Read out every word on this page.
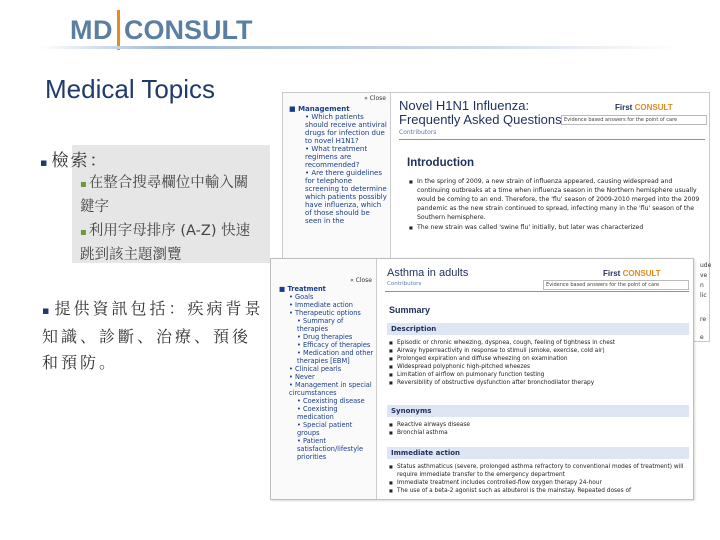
MD CONSULT
Medical Topics
▪ 檢索：
▪ 在整合搜尋欄位中輸入關鍵字
▪ 利用字母排序 (A-Z) 快速跳到該主題瀏覽
▪ 提供資訊包括：疾病背景知識、診斷、治療、預後和預防。
« Close
■ Management
• Which patients should receive antiviral drugs for infection due to novel H1N1?
• What treatment regimens are recommended?
• Are there guidelines for telephone screening to determine which patients possibly have influenza, which of those should be seen in the
Novel H1N1 Influenza: Frequently Asked Questions
Contributors
First CONSULT
Evidence based answers for the point of care
Introduction

■ In the spring of 2009, a new strain of influenza appeared, causing widespread and continuing outbreaks at a time when influenza season in the Northern hemisphere usually would be coming to an end. Therefore, the 'flu' season of 2009-2010 merged into the 2009 pandemic as the new strain continued to spread, infecting many in the 'flu' season of the Southern hemisphere.

■ The new strain was called 'swine flu' initially, but later was characterized

« Close
■ Treatment
• Goals
• Immediate action
• Therapeutic options
• Summary of therapies
• Drug therapies
• Efficacy of therapies
• Medication and other therapies [EBM]
• Clinical pearls
• Never
• Management in special circumstances
• Coexisting disease
• Coexisting medication
• Special patient groups
• Patient satisfaction/lifestyle priorities
Asthma in adults
Contributors
First CONSULT
Evidence based answers for the point of care
Summary
Description

■ Episodic or chronic wheezing, dyspnea, cough, feeling of tightness in chest

■ Airway hyperreactivity in response to stimuli (smoke, exercise, cold air)

■ Prolonged expiration and diffuse wheezing on examination

■ Widespread polyphonic high-pitched wheezes

■ Limitation of airflow on pulmonary function testing

■ Reversibility of obstructive dysfunction after bronchodilator therapy

Synonyms

■ Reactive airways disease

■ Bronchial asthma

Immediate action

■ Status asthmaticus (severe, prolonged asthma refractory to conventional modes of treatment) will require immediate transfer to the emergency department

■ Immediate treatment includes controlled-flow oxygen therapy 24-hour

■ The use of a beta-2 agonist such as albuterol is the mainstay. Repeated doses of

ude
ve
n
lic
re
e
